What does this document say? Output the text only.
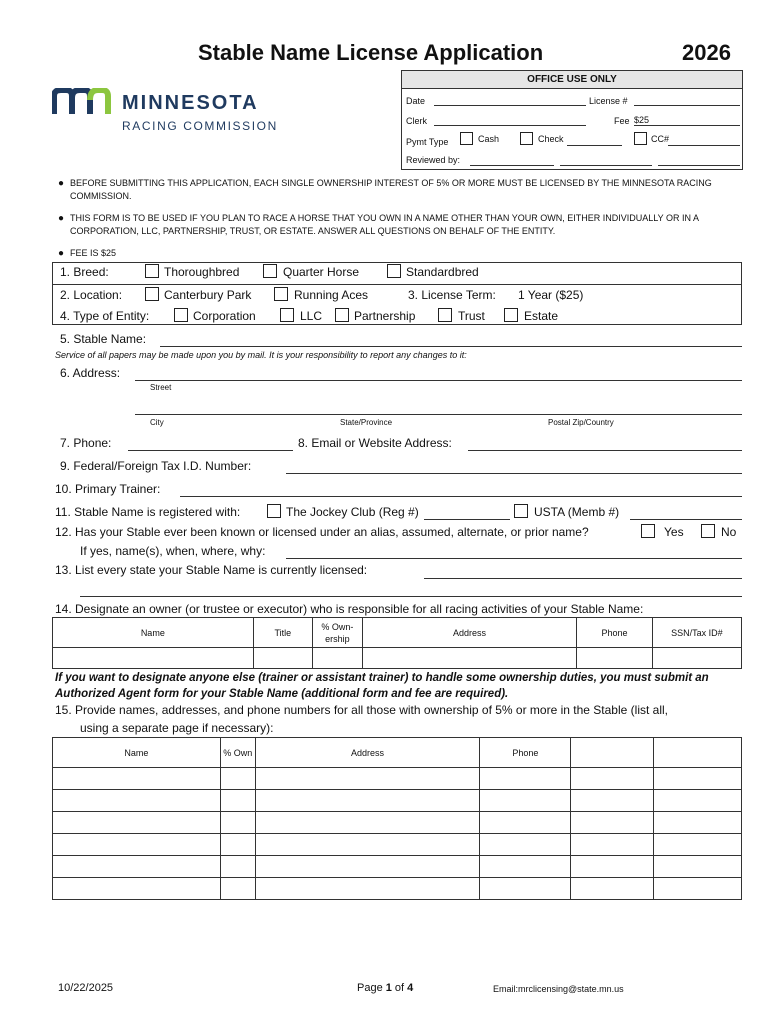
Stable Name License Application	2026
MINNESOTA
RACING COMMISSION
OFFICE USE ONLY
Date	License #
Clerk	Fee $25
Pymt Type	Cash	Check	CC#
Reviewed by:
● BEFORE SUBMITTING THIS APPLICATION, EACH SINGLE OWNERSHIP INTEREST OF 5% OR MORE MUST BE LICENSED BY THE MINNESOTA RACING COMMISSION.
● THIS FORM IS TO BE USED IF YOU PLAN TO RACE A HORSE THAT YOU OWN IN A NAME OTHER THAN YOUR OWN, EITHER INDIVIDUALLY OR IN A CORPORATION, LLC, PARTNERSHIP, TRUST, OR ESTATE. ANSWER ALL QUESTIONS ON BEHALF OF THE ENTITY.
● FEE IS $25
1. Breed:	Thoroughbred	Quarter Horse	Standardbred
2. Location:	Canterbury Park	Running Aces	3. License Term: 1 Year ($25)
4. Type of Entity:	Corporation	LLC	Partnership	Trust	Estate
5. Stable Name:
Service of all papers may be made upon you by mail. It is your responsibility to report any changes to it:
6. Address:
Street
City	State/Province	Postal Zip/Country
7. Phone:	8. Email or Website Address:
9. Federal/Foreign Tax I.D. Number:
10. Primary Trainer:
11. Stable Name is registered with:	The Jockey Club (Reg #)	USTA (Memb #)
12. Has your Stable ever been known or licensed under an alias, assumed, alternate, or prior name?	Yes	No
If yes, name(s), when, where, why:
13. List every state your Stable Name is currently licensed:
14. Designate an owner (or trustee or executor) who is responsible for all racing activities of your Stable Name:
Name	Title	% Own-ership	Address	Phone	SSN/Tax ID#

If you want to designate anyone else (trainer or assistant trainer) to handle some ownership duties, you must submit an Authorized Agent form for your Stable Name (additional form and fee are required).
15. Provide names, addresses, and phone numbers for all those with ownership of 5% or more in the Stable (list all,
using a separate page if necessary):
Name	% Own	Address	Phone		

10/22/2025	Page 1 of 4	Email:mrclicensing@state.mn.us
